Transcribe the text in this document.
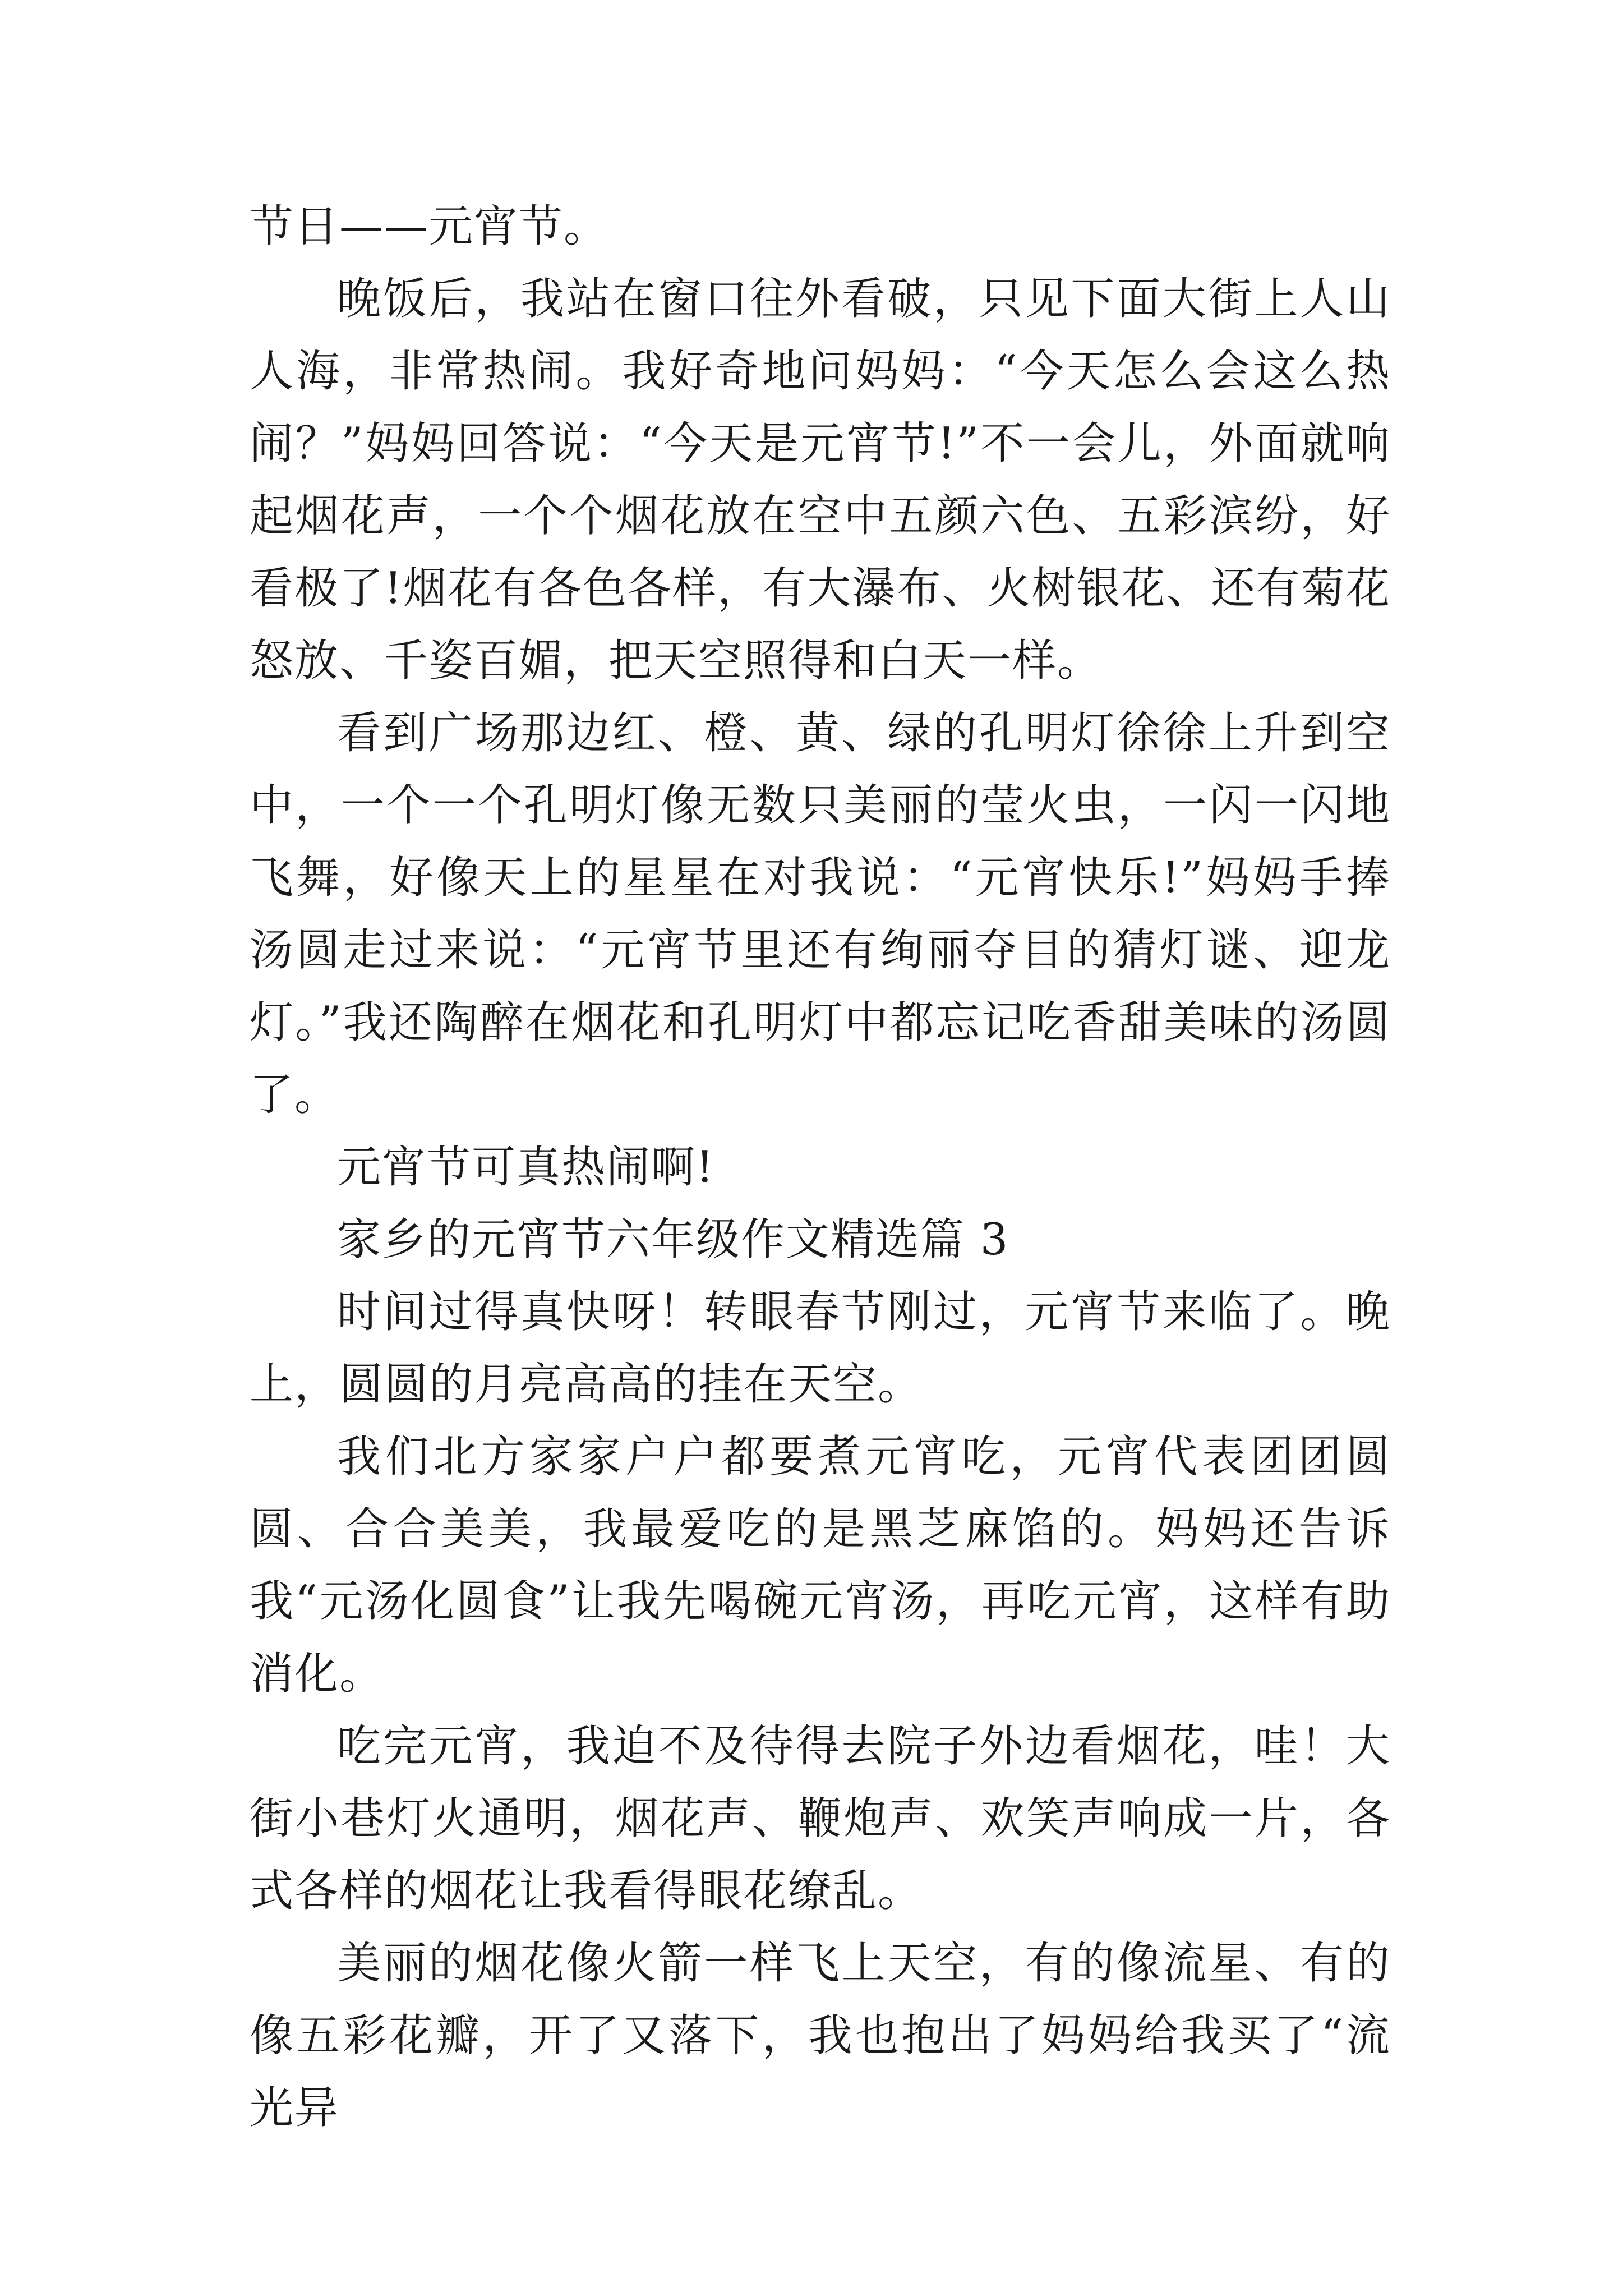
节日——元宵节。

晚饭后，我站在窗口往外看破，只见下面大街上人山人海，非常热闹。我好奇地问妈妈：“今天怎么会这么热闹？”妈妈回答说：“今天是元宵节!”不一会儿，外面就响起烟花声，一个个烟花放在空中五颜六色、五彩滨纷，好看极了!烟花有各色各样，有大瀑布、火树银花、还有菊花怒放、千姿百媚，把天空照得和白天一样。

看到广场那边红、橙、黄、绿的孔明灯徐徐上升到空中，一个一个孔明灯像无数只美丽的莹火虫，一闪一闪地飞舞，好像天上的星星在对我说：“元宵快乐!”妈妈手捧汤圆走过来说：“元宵节里还有绚丽夺目的猜灯谜、迎龙灯。”我还陶醉在烟花和孔明灯中都忘记吃香甜美味的汤圆了。

元宵节可真热闹啊!

家乡的元宵节六年级作文精选篇 3

时间过得真快呀！转眼春节刚过，元宵节来临了。晚上，圆圆的月亮高高的挂在天空。

我们北方家家户户都要煮元宵吃，元宵代表团团圆圆、合合美美，我最爱吃的是黑芝麻馅的。妈妈还告诉我“元汤化圆食”让我先喝碗元宵汤，再吃元宵，这样有助消化。

吃完元宵，我迫不及待得去院子外边看烟花，哇！大街小巷灯火通明，烟花声、鞭炮声、欢笑声响成一片，各式各样的烟花让我看得眼花缭乱。

美丽的烟花像火箭一样飞上天空，有的像流星、有的像五彩花瓣，开了又落下，我也抱出了妈妈给我买了“流光异
